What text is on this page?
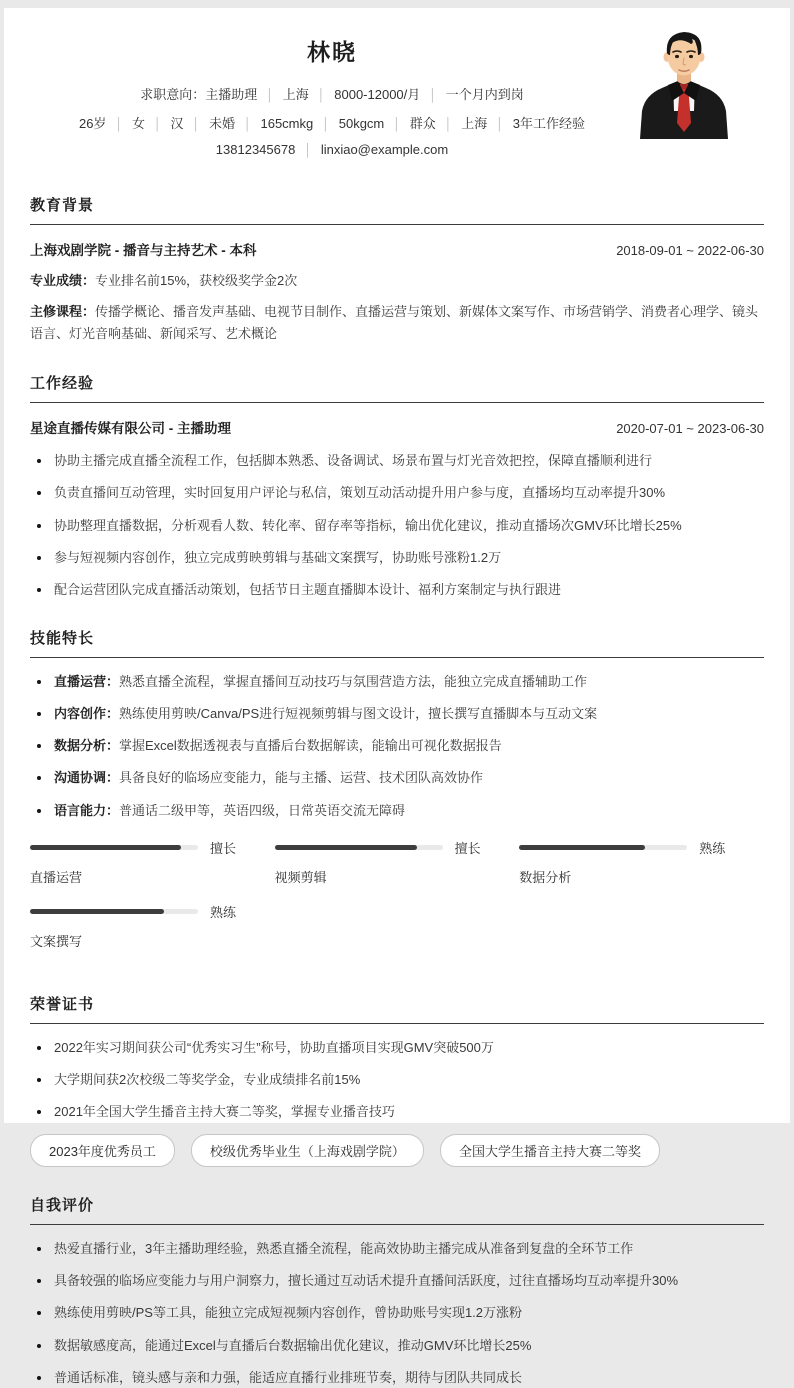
林晓
求职意向：主播助理 │ 上海 │ 8000-12000/月 │ 一个月内到岗
26岁 │ 女 │ 汉 │ 未婚 │ 165cmkg │ 50kgcm │ 群众 │ 上海 │ 3年工作经验
13812345678 │ linxiao@example.com
教育背景
上海戏剧学院 - 播音与主持艺术 - 本科	2018-09-01 ~ 2022-06-30

专业成绩：专业排名前15%，获校级奖学金2次

主修课程：传播学概论、播音发声基础、电视节目制作、直播运营与策划、新媒体文案写作、市场营销学、消费者心理学、镜头语言、灯光音响基础、新闻采写、艺术概论

工作经验
星途直播传媒有限公司 - 主播助理	2020-07-01 ~ 2023-06-30
协助主播完成直播全流程工作，包括脚本熟悉、设备调试、场景布置与灯光音效把控，保障直播顺利进行
负责直播间互动管理，实时回复用户评论与私信，策划互动活动提升用户参与度，直播场均互动率提升30%
协助整理直播数据，分析观看人数、转化率、留存率等指标，输出优化建议，推动直播场次GMV环比增长25%
参与短视频内容创作，独立完成剪映剪辑与基础文案撰写，协助账号涨粉1.2万
配合运营团队完成直播活动策划，包括节日主题直播脚本设计、福利方案制定与执行跟进
技能特长
直播运营：熟悉直播全流程，掌握直播间互动技巧与氛围营造方法，能独立完成直播辅助工作
内容创作：熟练使用剪映/Canva/PS进行短视频剪辑与图文设计，擅长撰写直播脚本与互动文案
数据分析：掌握Excel数据透视表与直播后台数据解读，能输出可视化数据报告
沟通协调：具备良好的临场应变能力，能与主播、运营、技术团队高效协作
语言能力：普通话二级甲等，英语四级，日常英语交流无障碍
擅长
直播运营
擅长
视频剪辑
熟练
数据分析
熟练
文案撰写
荣誉证书
2022年实习期间获公司“优秀实习生”称号，协助直播项目实现GMV突破500万
大学期间获2次校级二等奖学金，专业成绩排名前15%
2021年全国大学生播音主持大赛二等奖，掌握专业播音技巧
2023年度优秀员工	校级优秀毕业生（上海戏剧学院）	全国大学生播音主持大赛二等奖
自我评价
热爱直播行业，3年主播助理经验，熟悉直播全流程，能高效协助主播完成从准备到复盘的全环节工作
具备较强的临场应变能力与用户洞察力，擅长通过互动话术提升直播间活跃度，过往直播场均互动率提升30%
熟练使用剪映/PS等工具，能独立完成短视频内容创作，曾协助账号实现1.2万涨粉
数据敏感度高，能通过Excel与直播后台数据输出优化建议，推动GMV环比增长25%
普通话标准，镜头感与亲和力强，能适应直播行业排班节奏，期待与团队共同成长
